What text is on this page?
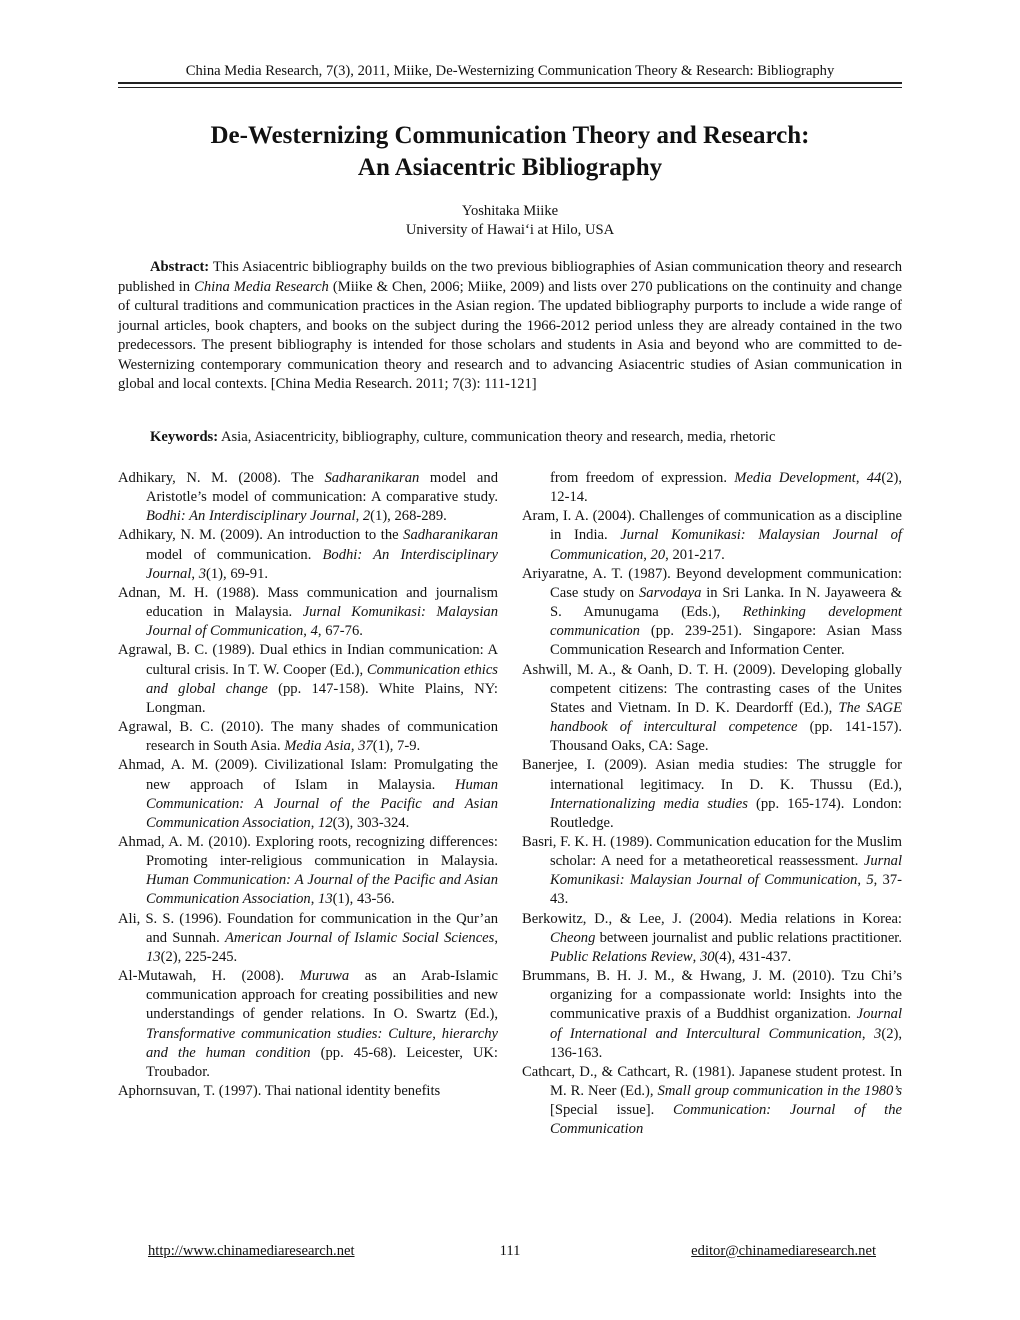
China Media Research, 7(3), 2011, Miike, De-Westernizing Communication Theory & Research: Bibliography
De-Westernizing Communication Theory and Research:
An Asiacentric Bibliography
Yoshitaka Miike
University of Hawai‘i at Hilo, USA
Abstract: This Asiacentric bibliography builds on the two previous bibliographies of Asian communication theory and research published in China Media Research (Miike & Chen, 2006; Miike, 2009) and lists over 270 publications on the continuity and change of cultural traditions and communication practices in the Asian region. The updated bibliography purports to include a wide range of journal articles, book chapters, and books on the subject during the 1966-2012 period unless they are already contained in the two predecessors. The present bibliography is intended for those scholars and students in Asia and beyond who are committed to de-Westernizing contemporary communication theory and research and to advancing Asiacentric studies of Asian communication in global and local contexts. [China Media Research. 2011; 7(3): 111-121]
Keywords: Asia, Asiacentricity, bibliography, culture, communication theory and research, media, rhetoric

Adhikary, N. M. (2008). The Sadharanikaran model and Aristotle’s model of communication: A comparative study. Bodhi: An Interdisciplinary Journal, 2(1), 268-289.

Adhikary, N. M. (2009). An introduction to the Sadharanikaran model of communication. Bodhi: An Interdisciplinary Journal, 3(1), 69-91.

Adnan, M. H. (1988). Mass communication and journalism education in Malaysia. Jurnal Komunikasi: Malaysian Journal of Communication, 4, 67-76.

Agrawal, B. C. (1989). Dual ethics in Indian communication: A cultural crisis. In T. W. Cooper (Ed.), Communication ethics and global change (pp. 147-158). White Plains, NY: Longman.

Agrawal, B. C. (2010). The many shades of communication research in South Asia. Media Asia, 37(1), 7-9.

Ahmad, A. M. (2009). Civilizational Islam: Promulgating the new approach of Islam in Malaysia. Human Communication: A Journal of the Pacific and Asian Communication Association, 12(3), 303-324.

Ahmad, A. M. (2010). Exploring roots, recognizing differences: Promoting inter-religious communication in Malaysia. Human Communication: A Journal of the Pacific and Asian Communication Association, 13(1), 43-56.

Ali, S. S. (1996). Foundation for communication in the Qur’an and Sunnah. American Journal of Islamic Social Sciences, 13(2), 225-245.

Al-Mutawah, H. (2008). Muruwa as an Arab-Islamic communication approach for creating possibilities and new understandings of gender relations. In O. Swartz (Ed.), Transformative communication studies: Culture, hierarchy and the human condition (pp. 45-68). Leicester, UK: Troubador.

Aphornsuvan, T. (1997). Thai national identity benefits

from freedom of expression. Media Development, 44(2), 12-14.

Aram, I. A. (2004). Challenges of communication as a discipline in India. Jurnal Komunikasi: Malaysian Journal of Communication, 20, 201-217.

Ariyaratne, A. T. (1987). Beyond development communication: Case study on Sarvodaya in Sri Lanka. In N. Jayaweera & S. Amunugama (Eds.), Rethinking development communication (pp. 239-251). Singapore: Asian Mass Communication Research and Information Center.

Ashwill, M. A., & Oanh, D. T. H. (2009). Developing globally competent citizens: The contrasting cases of the Unites States and Vietnam. In D. K. Deardorff (Ed.), The SAGE handbook of intercultural competence (pp. 141-157). Thousand Oaks, CA: Sage.

Banerjee, I. (2009). Asian media studies: The struggle for international legitimacy. In D. K. Thussu (Ed.), Internationalizing media studies (pp. 165-174). London: Routledge.

Basri, F. K. H. (1989). Communication education for the Muslim scholar: A need for a metatheoretical reassessment. Jurnal Komunikasi: Malaysian Journal of Communication, 5, 37-43.

Berkowitz, D., & Lee, J. (2004). Media relations in Korea: Cheong between journalist and public relations practitioner. Public Relations Review, 30(4), 431-437.

Brummans, B. H. J. M., & Hwang, J. M. (2010). Tzu Chi’s organizing for a compassionate world: Insights into the communicative praxis of a Buddhist organization. Journal of International and Intercultural Communication, 3(2), 136-163.

Cathcart, D., & Cathcart, R. (1981). Japanese student protest. In M. R. Neer (Ed.), Small group communication in the 1980’s [Special issue]. Communication: Journal of the Communication

http://www.chinamediaresearch.net	111	editor@chinamediaresearch.net
